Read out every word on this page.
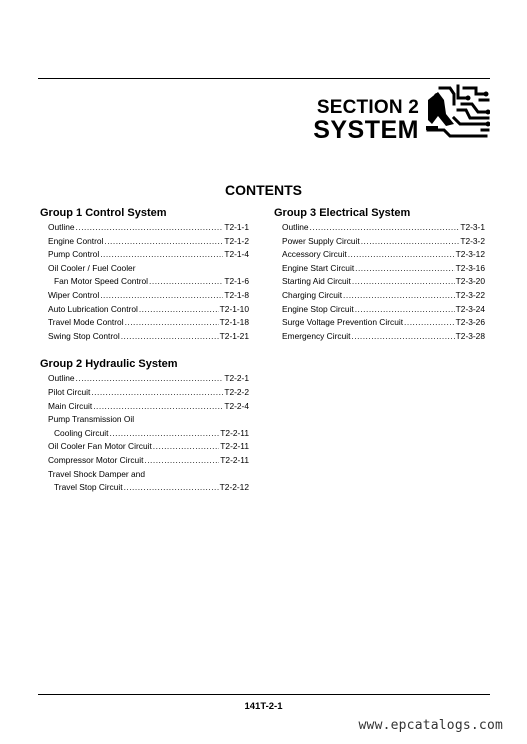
SECTION 2
SYSTEM
CONTENTS
Group 1 Control System
Outline .....	T2-1-1
Engine Control .....	T2-1-2
Pump Control .....	T2-1-4
Oil Cooler / Fuel Cooler
Fan Motor Speed Control .....	T2-1-6
Wiper Control .....	T2-1-8
Auto Lubrication Control .....	T2-1-10
Travel Mode Control .....	T2-1-18
Swing Stop Control .....	T2-1-21
Group 2 Hydraulic System
Outline .....	T2-2-1
Pilot Circuit .....	T2-2-2
Main Circuit .....	T2-2-4
Pump Transmission Oil
Cooling Circuit .....	T2-2-11
Oil Cooler Fan Motor Circuit .....	T2-2-11
Compressor Motor Circuit .....	T2-2-11
Travel Shock Damper and
Travel Stop Circuit .....	T2-2-12
Group 3 Electrical System
Outline .....	T2-3-1
Power Supply Circuit .....	T2-3-2
Accessory Circuit .....	T2-3-12
Engine Start Circuit .....	T2-3-16
Starting Aid Circuit .....	T2-3-20
Charging Circuit .....	T2-3-22
Engine Stop Circuit .....	T2-3-24
Surge Voltage Prevention Circuit .....	T2-3-26
Emergency Circuit .....	T2-3-28
141T-2-1
www.epcatalogs.com
